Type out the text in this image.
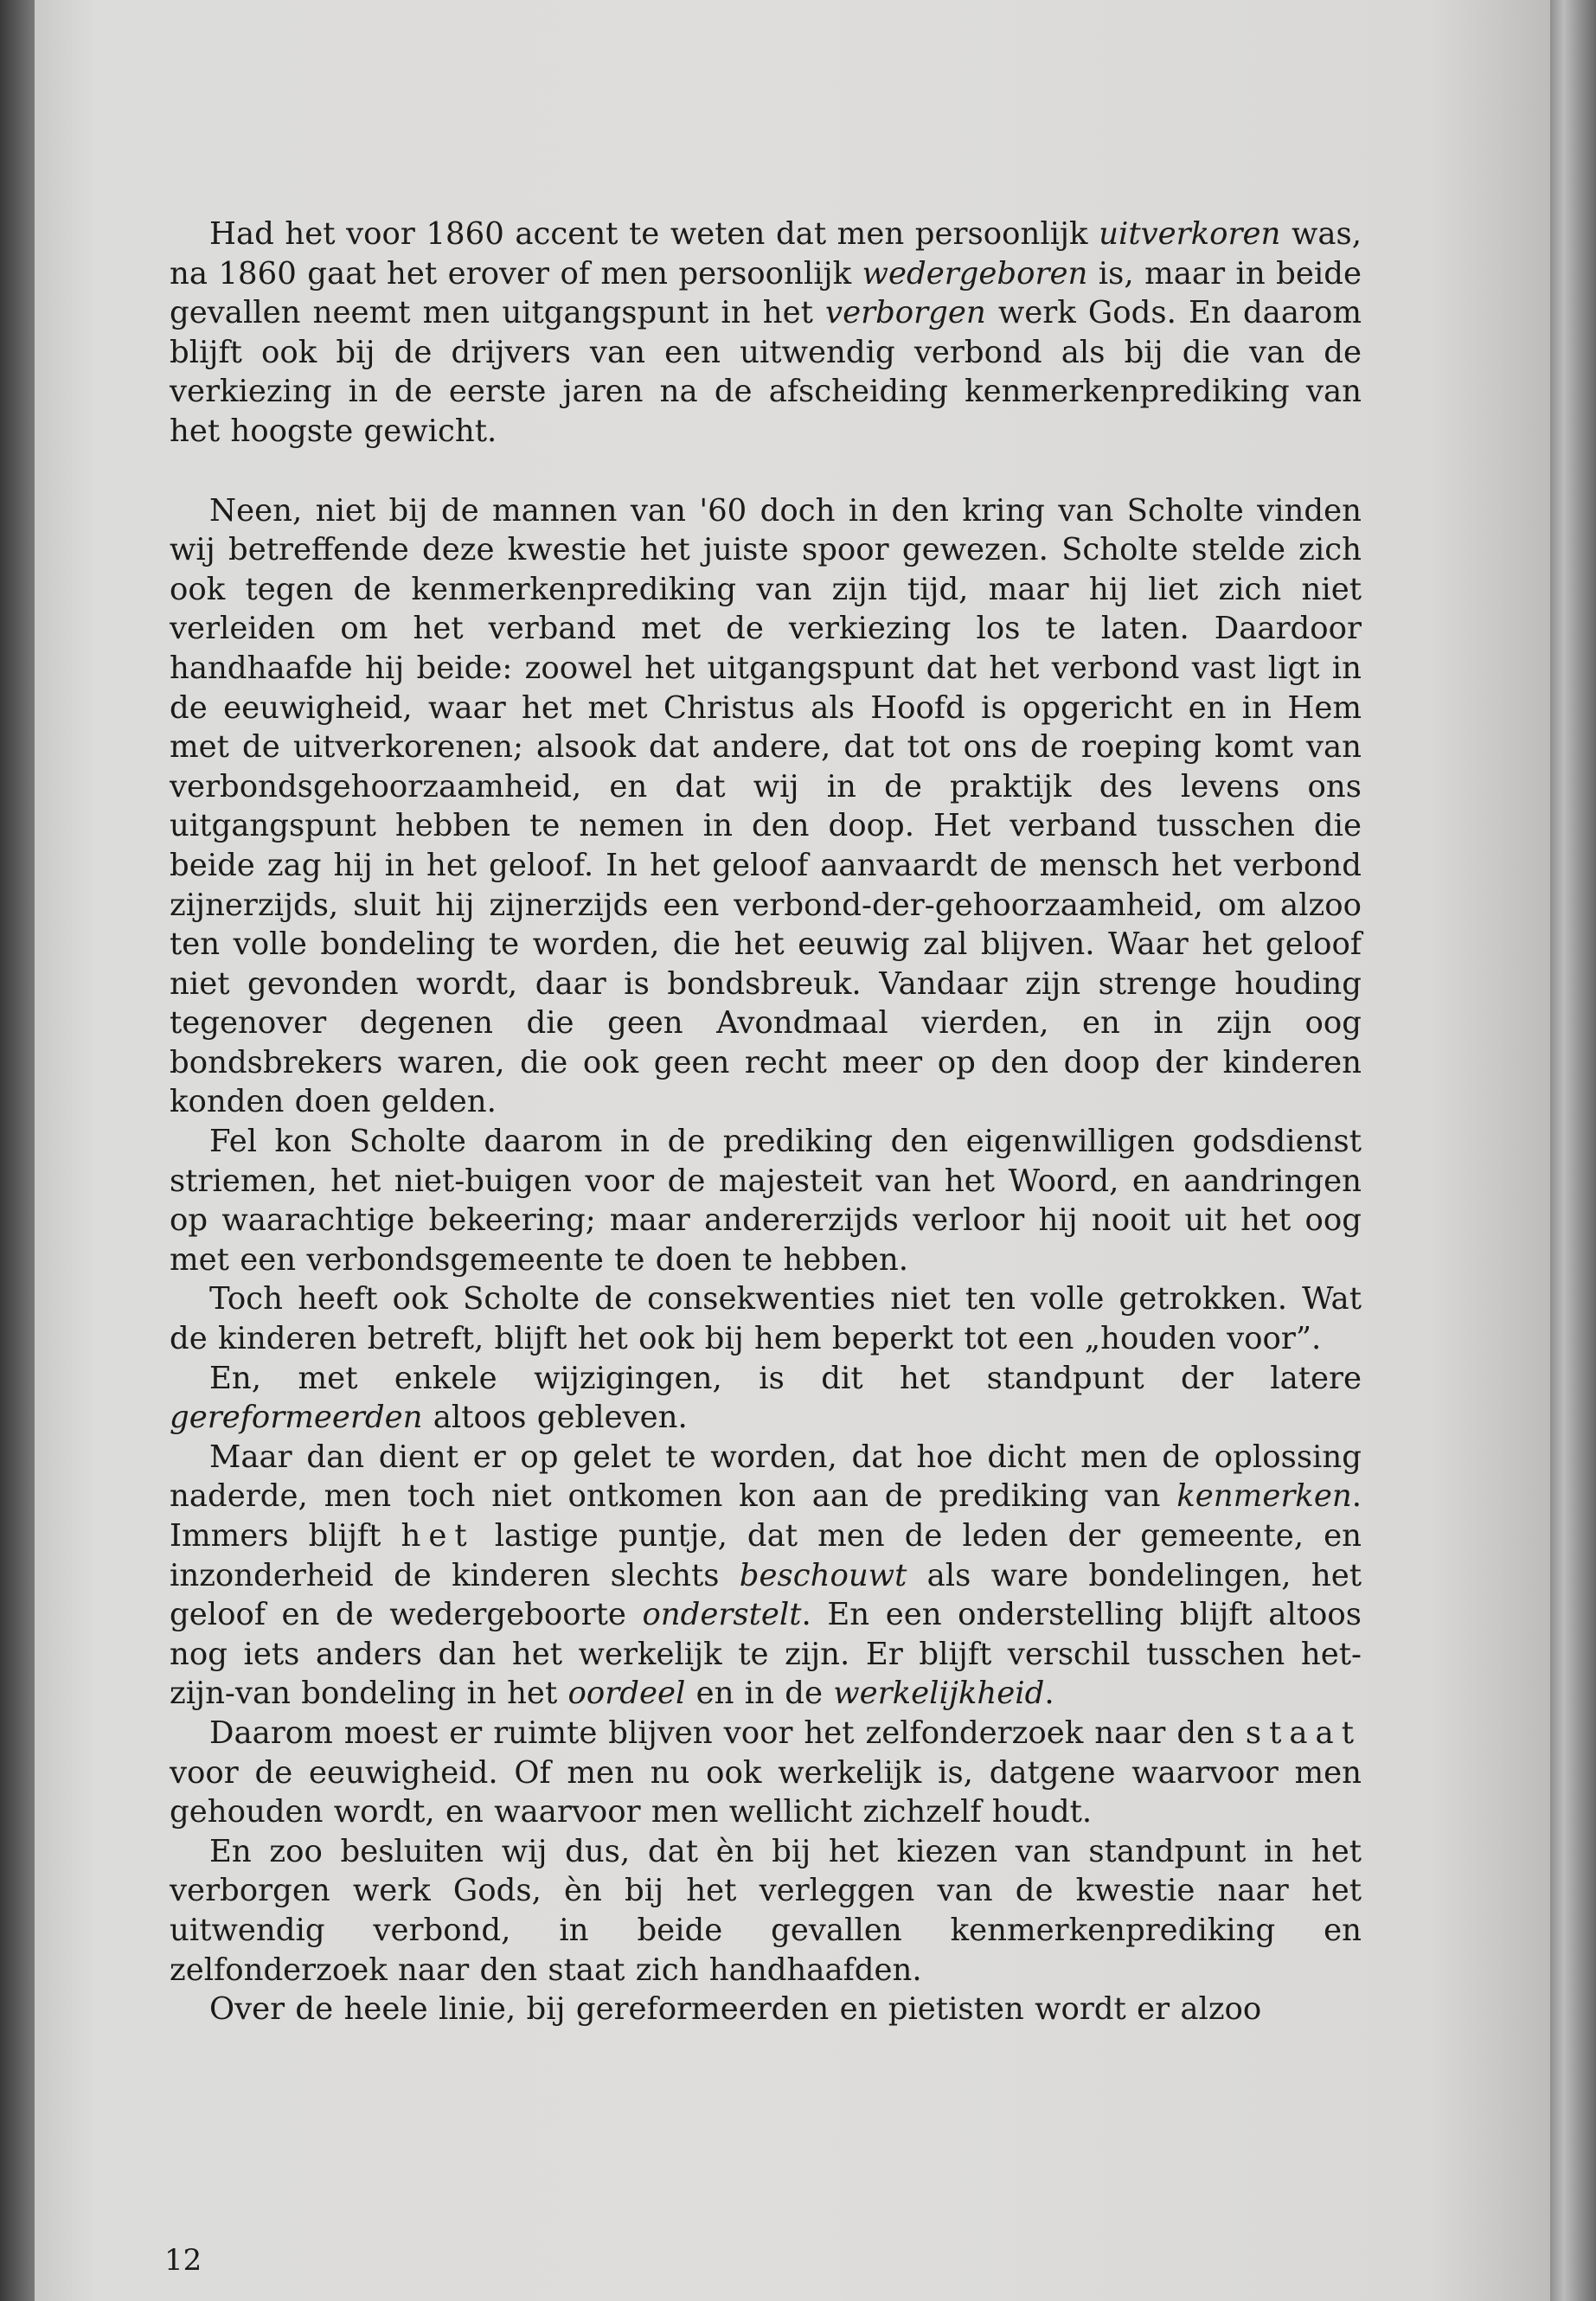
Had het voor 1860 accent te weten dat men persoonlijk uitverkoren was, na 1860 gaat het erover of men persoonlijk wedergeboren is, maar in beide gevallen neemt men uitgangspunt in het verborgen werk Gods. En daarom blijft ook bij de drijvers van een uitwendig verbond als bij die van de verkiezing in de eerste jaren na de afscheiding kenmerkenprediking van het hoogste gewicht.

Neen, niet bij de mannen van '60 doch in den kring van Scholte vinden wij betreffende deze kwestie het juiste spoor gewezen. Scholte stelde zich ook tegen de kenmerkenprediking van zijn tijd, maar hij liet zich niet verleiden om het verband met de verkiezing los te laten. Daardoor handhaafde hij beide: zoowel het uitgangspunt dat het verbond vast ligt in de eeuwigheid, waar het met Christus als Hoofd is opgericht en in Hem met de uitverkorenen; alsook dat andere, dat tot ons de roeping komt van verbondsgehoorzaamheid, en dat wij in de praktijk des levens ons uitgangspunt hebben te nemen in den doop. Het verband tusschen die beide zag hij in het geloof. In het geloof aanvaardt de mensch het verbond zijnerzijds, sluit hij zijnerzijds een verbond-der-gehoorzaamheid, om alzoo ten volle bondeling te worden, die het eeuwig zal blijven. Waar het geloof niet gevonden wordt, daar is bondsbreuk. Vandaar zijn strenge houding tegenover degenen die geen Avondmaal vierden, en in zijn oog bondsbrekers waren, die ook geen recht meer op den doop der kinderen konden doen gelden.

Fel kon Scholte daarom in de prediking den eigenwilligen godsdienst striemen, het niet-buigen voor de majesteit van het Woord, en aandringen op waarachtige bekeering; maar andererzijds verloor hij nooit uit het oog met een verbondsgemeente te doen te hebben.

Toch heeft ook Scholte de consekwenties niet ten volle getrokken. Wat de kinderen betreft, blijft het ook bij hem beperkt tot een „houden voor”.

En, met enkele wijzigingen, is dit het standpunt der latere gereformeerden altoos gebleven.

Maar dan dient er op gelet te worden, dat hoe dicht men de oplossing naderde, men toch niet ontkomen kon aan de prediking van kenmerken. Immers blijft het lastige puntje, dat men de leden der gemeente, en inzonderheid de kinderen slechts beschouwt als ware bondelingen, het geloof en de wedergeboorte onderstelt. En een onderstelling blijft altoos nog iets anders dan het werkelijk te zijn. Er blijft verschil tusschen het-zijn-van bondeling in het oordeel en in de werkelijkheid.

Daarom moest er ruimte blijven voor het zelfonderzoek naar den staat voor de eeuwigheid. Of men nu ook werkelijk is, datgene waarvoor men gehouden wordt, en waarvoor men wellicht zichzelf houdt.

En zoo besluiten wij dus, dat èn bij het kiezen van standpunt in het verborgen werk Gods, èn bij het verleggen van de kwestie naar het uitwendig verbond, in beide gevallen kenmerkenprediking en zelfonderzoek naar den staat zich handhaafden.

Over de heele linie, bij gereformeerden en pietisten wordt er alzoo

12
